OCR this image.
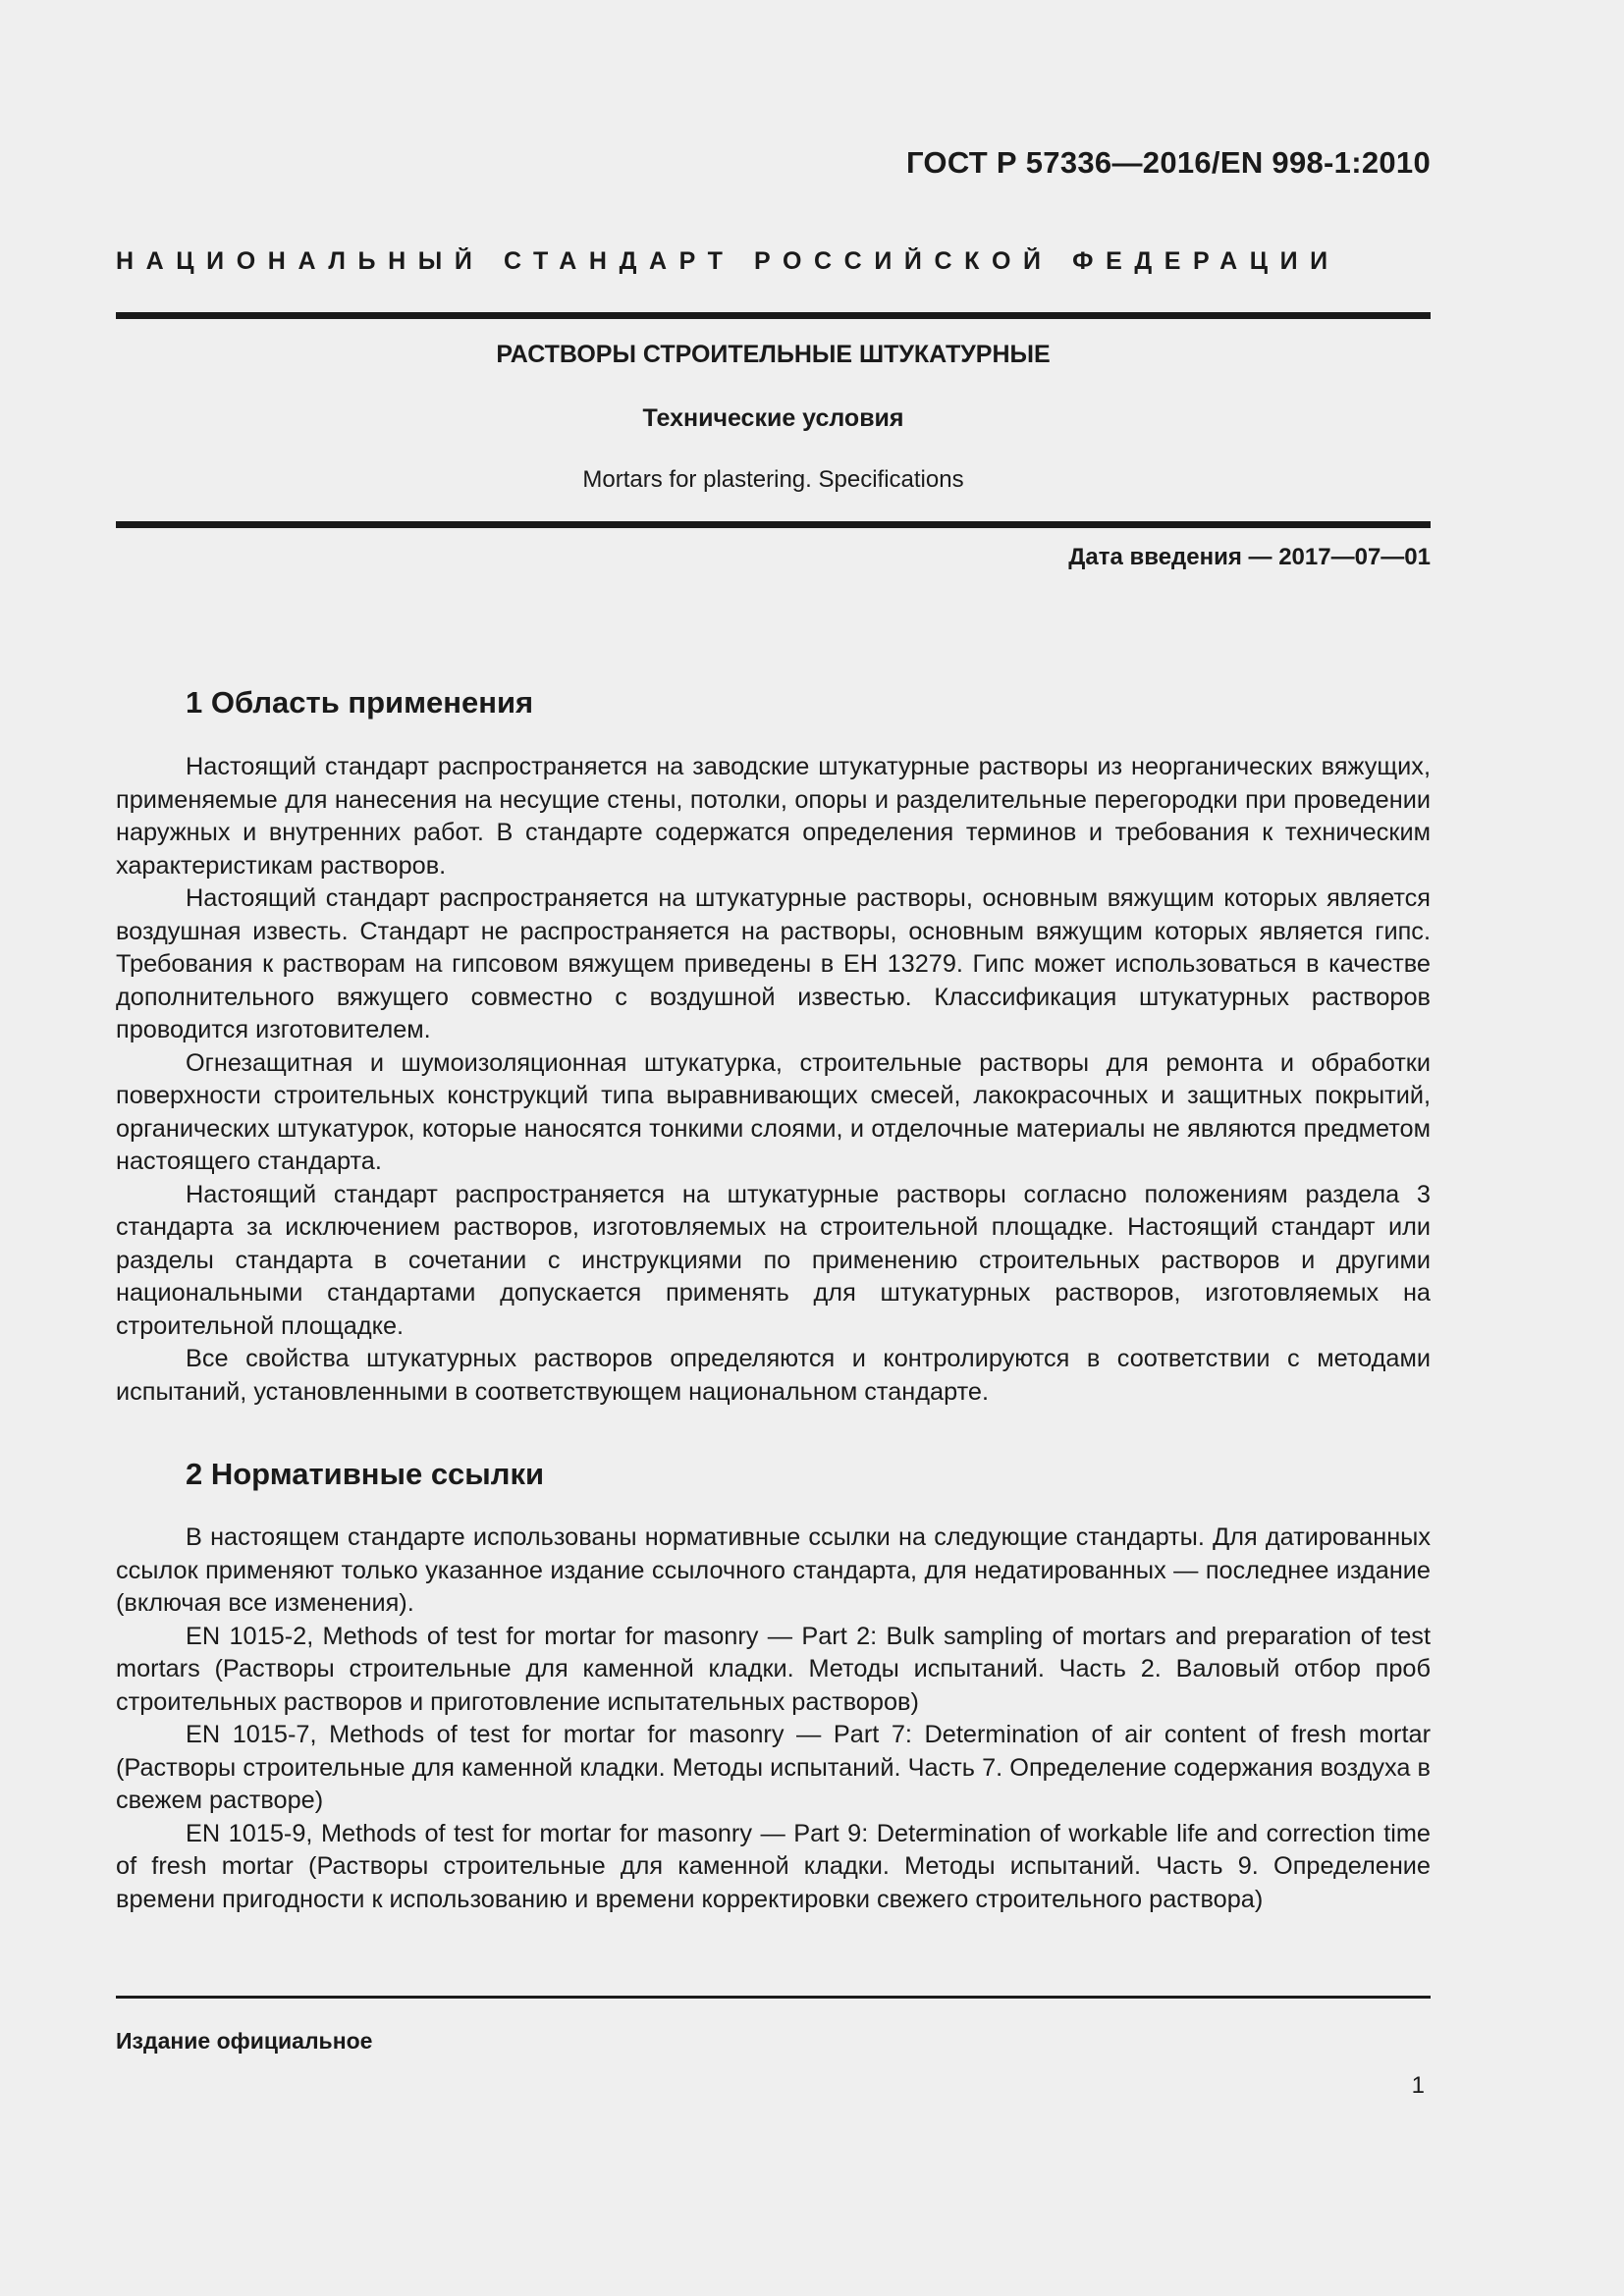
ГОСТ Р 57336—2016/EN 998-1:2010
НАЦИОНАЛЬНЫЙ СТАНДАРТ РОССИЙСКОЙ ФЕДЕРАЦИИ
РАСТВОРЫ СТРОИТЕЛЬНЫЕ ШТУКАТУРНЫЕ
Технические условия
Mortars for plastering. Specifications
Дата введения — 2017—07—01
1 Область применения

Настоящий стандарт распространяется на заводские штукатурные растворы из неорганических вяжущих, применяемые для нанесения на несущие стены, потолки, опоры и разделительные перегородки при проведении наружных и внутренних работ. В стандарте содержатся определения терминов и требования к техническим характеристикам растворов.

Настоящий стандарт распространяется на штукатурные растворы, основным вяжущим которых является воздушная известь. Стандарт не распространяется на растворы, основным вяжущим которых является гипс. Требования к растворам на гипсовом вяжущем приведены в ЕН 13279. Гипс может использоваться в качестве дополнительного вяжущего совместно с воздушной известью. Классификация штукатурных растворов проводится изготовителем.

Огнезащитная и шумоизоляционная штукатурка, строительные растворы для ремонта и обработки поверхности строительных конструкций типа выравнивающих смесей, лакокрасочных и защитных покрытий, органических штукатурок, которые наносятся тонкими слоями, и отделочные материалы не являются предметом настоящего стандарта.

Настоящий стандарт распространяется на штукатурные растворы согласно положениям раздела 3 стандарта за исключением растворов, изготовляемых на строительной площадке. Настоящий стандарт или разделы стандарта в сочетании с инструкциями по применению строительных растворов и другими национальными стандартами допускается применять для штукатурных растворов, изготовляемых на строительной площадке.

Все свойства штукатурных растворов определяются и контролируются в соответствии с методами испытаний, установленными в соответствующем национальном стандарте.

2 Нормативные ссылки

В настоящем стандарте использованы нормативные ссылки на следующие стандарты. Для датированных ссылок применяют только указанное издание ссылочного стандарта, для недатированных — последнее издание (включая все изменения).

EN 1015-2, Methods of test for mortar for masonry — Part 2: Bulk sampling of mortars and preparation of test mortars (Растворы строительные для каменной кладки. Методы испытаний. Часть 2. Валовый отбор проб строительных растворов и приготовление испытательных растворов)

EN 1015-7, Methods of test for mortar for masonry — Part 7: Determination of air content of fresh mortar (Растворы строительные для каменной кладки. Методы испытаний. Часть 7. Определение содержания воздуха в свежем растворе)

EN 1015-9, Methods of test for mortar for masonry — Part 9: Determination of workable life and correction time of fresh mortar (Растворы строительные для каменной кладки. Методы испытаний. Часть 9. Определение времени пригодности к использованию и времени корректировки свежего строительного раствора)

Издание официальное
1
